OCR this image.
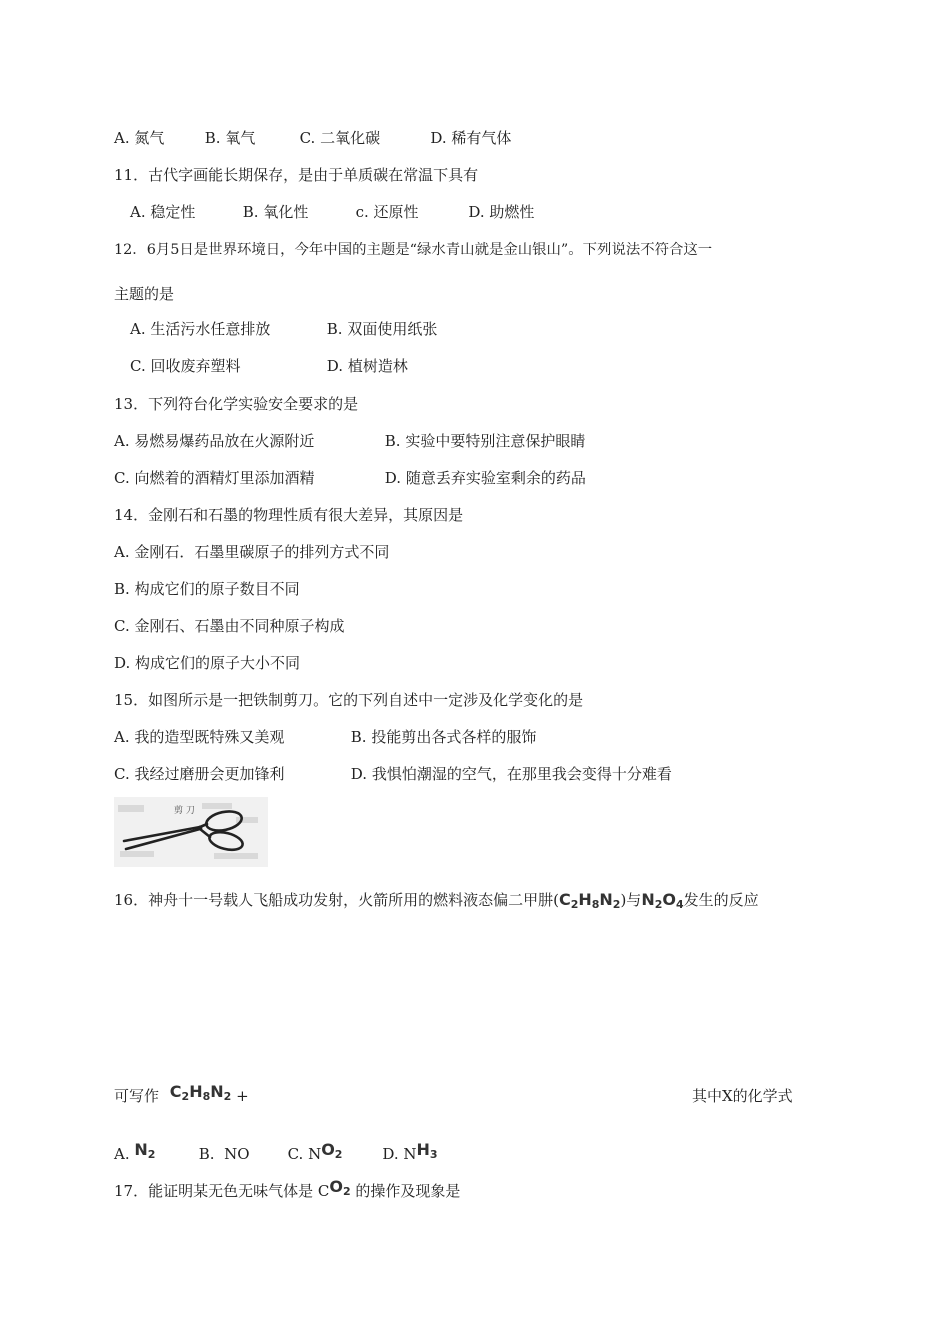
A. 氮气	B. 氧气	C. 二氧化碳	D. 稀有气体
11．古代字画能长期保存，是由于单质碳在常温下具有
A. 稳定性	B. 氧化性	c. 还原性	D. 助燃性
12．6月5日是世界环境日，今年中国的主题是“绿水青山就是金山银山”。下列说法不符合这一
主题的是
A. 生活污水任意排放	B. 双面使用纸张
C. 回收废弃塑料	D. 植树造林
13．下列符台化学实验安全要求的是
A. 易燃易爆药品放在火源附近	B. 实验中要特别注意保护眼睛
C. 向燃着的酒精灯里添加酒精	D. 随意丢弃实验室剩余的药品
14．金刚石和石墨的物理性质有很大差异，其原因是
A. 金刚石．石墨里碳原子的排列方式不同
B. 构成它们的原子数目不同
C. 金刚石、石墨由不同种原子构成
D. 构成它们的原子大小不同
15．如图所示是一把铁制剪刀。它的下列自述中一定涉及化学变化的是
A. 我的造型既特殊又美观	B. 投能剪出各式各样的服饰
C. 我经过磨册会更加锋利	D. 我惧怕潮湿的空气，在那里我会变得十分难看
剪 刀
16．神舟十一号载人飞船成功发射，火箭所用的燃料液态偏二甲肼$(C_2H_8N_2)$与$N_2O_4$发生的反应
可写作 $C_2H_8N_2$ +	其中X的化学式
A. $N_2$	B. NO	C. $NO_2$	D. $NH_3$
17．能证明某无色无味气体是 $CO_2$ 的操作及现象是
